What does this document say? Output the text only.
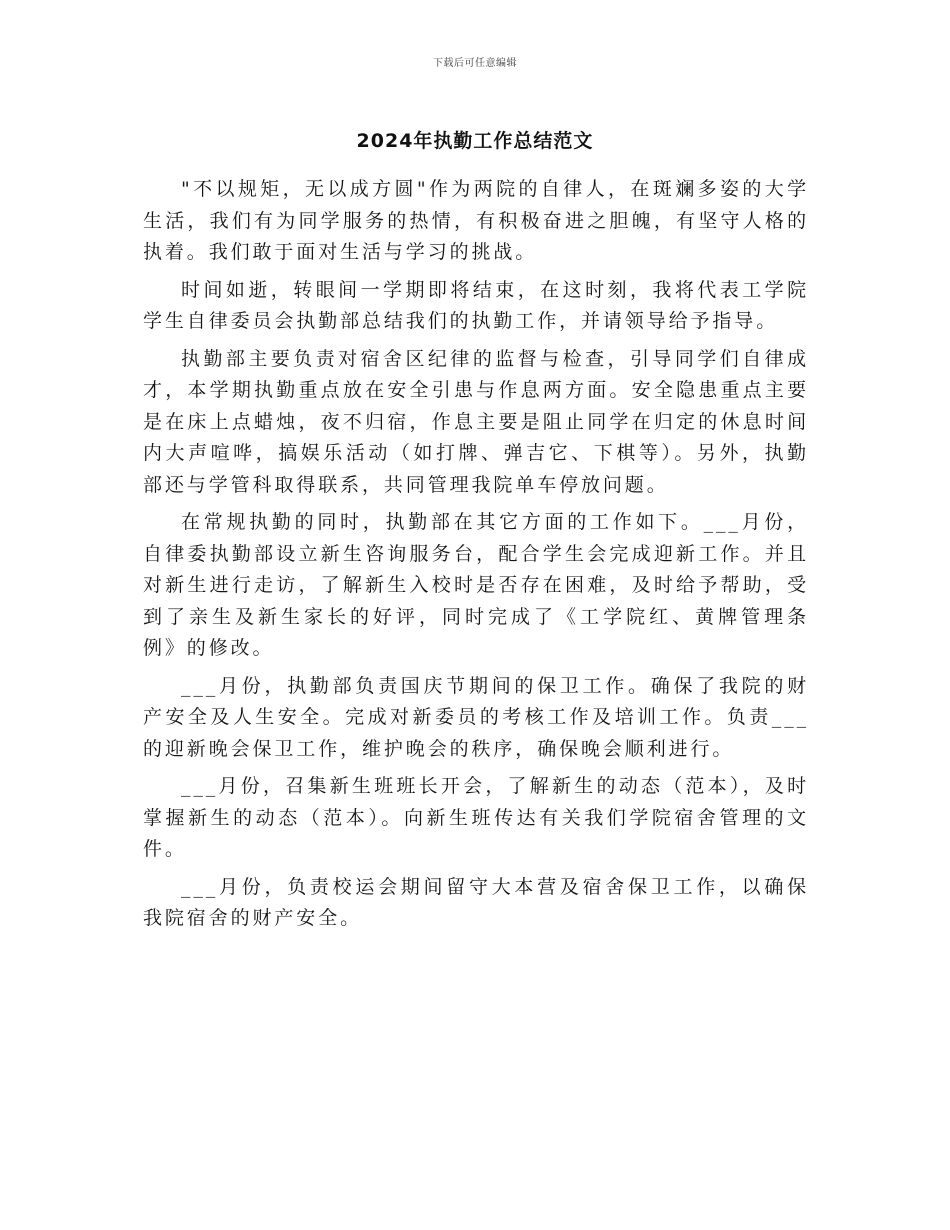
下载后可任意编辑
2024年执勤工作总结范文

"不以规矩，无以成方圆"作为两院的自律人，在斑斓多姿的大学生活，我们有为同学服务的热情，有积极奋进之胆魄，有坚守人格的执着。我们敢于面对生活与学习的挑战。

时间如逝，转眼间一学期即将结束，在这时刻，我将代表工学院学生自律委员会执勤部总结我们的执勤工作，并请领导给予指导。

执勤部主要负责对宿舍区纪律的监督与检查，引导同学们自律成才，本学期执勤重点放在安全引患与作息两方面。安全隐患重点主要是在床上点蜡烛，夜不归宿，作息主要是阻止同学在归定的休息时间内大声喧哗，搞娱乐活动（如打牌、弹吉它、下棋等）。另外，执勤部还与学管科取得联系，共同管理我院单车停放问题。

在常规执勤的同时，执勤部在其它方面的工作如下。___月份，自律委执勤部设立新生咨询服务台，配合学生会完成迎新工作。并且对新生进行走访，了解新生入校时是否存在困难，及时给予帮助，受到了亲生及新生家长的好评，同时完成了《工学院红、黄牌管理条例》的修改。

___月份，执勤部负责国庆节期间的保卫工作。确保了我院的财产安全及人生安全。完成对新委员的考核工作及培训工作。负责___的迎新晚会保卫工作，维护晚会的秩序，确保晚会顺利进行。

___月份，召集新生班班长开会，了解新生的动态（范本），及时掌握新生的动态（范本）。向新生班传达有关我们学院宿舍管理的文件。

___月份，负责校运会期间留守大本营及宿舍保卫工作，以确保我院宿舍的财产安全。
